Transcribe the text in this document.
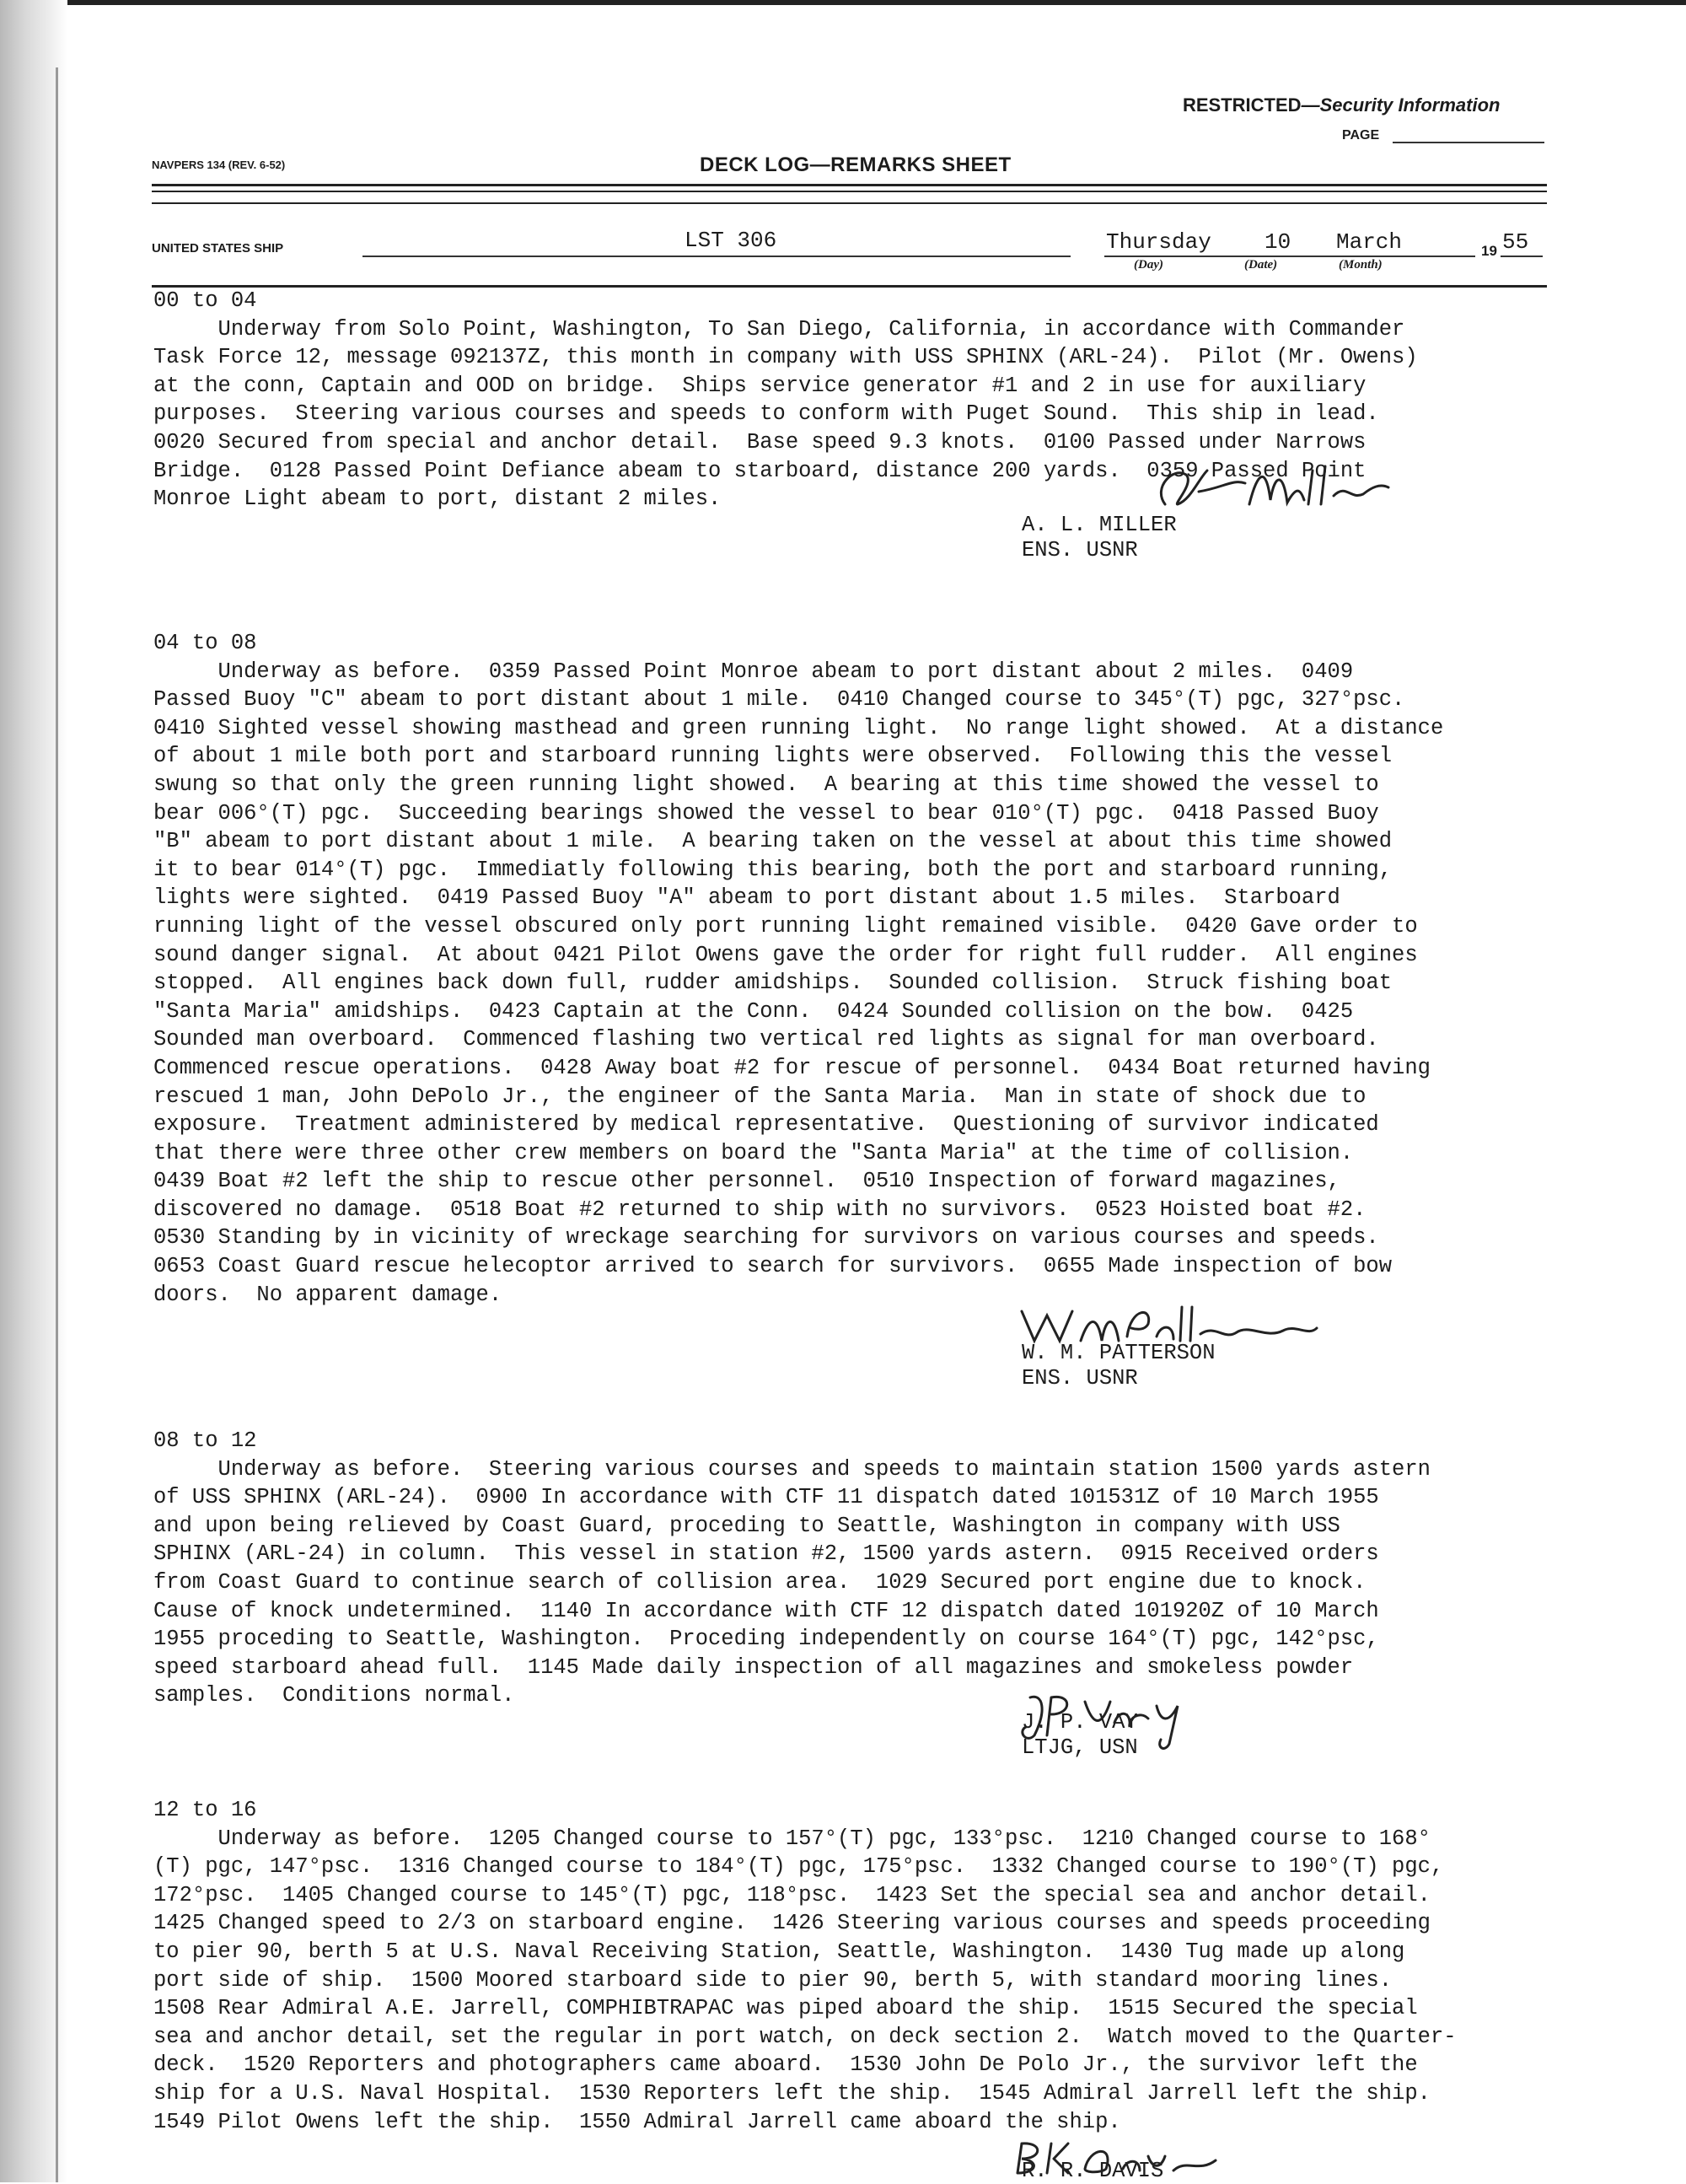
RESTRICTED—Security Information
PAGE
NAVPERS 134 (REV. 6-52)	DECK LOG—REMARKS SHEET
UNITED STATES SHIP	LST 306	Thursday 10 March	19 55
(Day)	(Date)	(Month)
00 to 04
Underway from Solo Point, Washington, To San Diego, California, in accordance with Commander
Task Force 12, message 092137Z, this month in company with USS SPHINX (ARL-24).  Pilot (Mr. Owens)
at the conn, Captain and OOD on bridge.  Ships service generator #1 and 2 in use for auxiliary
purposes.  Steering various courses and speeds to conform with Puget Sound.  This ship in lead.
0020 Secured from special and anchor detail.  Base speed 9.3 knots.  0100 Passed under Narrows
Bridge.  0128 Passed Point Defiance abeam to starboard, distance 200 yards.  0359 Passed Point
Monroe Light abeam to port, distant 2 miles.
A. L. MILLER
ENS. USNR
04 to 08
Underway as before.  0359 Passed Point Monroe abeam to port distant about 2 miles.  0409
Passed Buoy "C" abeam to port distant about 1 mile.  0410 Changed course to 345°(T) pgc, 327°psc.
0410 Sighted vessel showing masthead and green running light.  No range light showed.  At a distance
of about 1 mile both port and starboard running lights were observed.  Following this the vessel
swung so that only the green running light showed.  A bearing at this time showed the vessel to
bear 006°(T) pgc.  Succeeding bearings showed the vessel to bear 010°(T) pgc.  0418 Passed Buoy
"B" abeam to port distant about 1 mile.  A bearing taken on the vessel at about this time showed
it to bear 014°(T) pgc.  Immediatly following this bearing, both the port and starboard running,
lights were sighted.  0419 Passed Buoy "A" abeam to port distant about 1.5 miles.  Starboard
running light of the vessel obscured only port running light remained visible.  0420 Gave order to
sound danger signal.  At about 0421 Pilot Owens gave the order for right full rudder.  All engines
stopped.  All engines back down full, rudder amidships.  Sounded collision.  Struck fishing boat
"Santa Maria" amidships.  0423 Captain at the Conn.  0424 Sounded collision on the bow.  0425
Sounded man overboard.  Commenced flashing two vertical red lights as signal for man overboard.
Commenced rescue operations.  0428 Away boat #2 for rescue of personnel.  0434 Boat returned having
rescued 1 man, John DePolo Jr., the engineer of the Santa Maria.  Man in state of shock due to
exposure.  Treatment administered by medical representative.  Questioning of survivor indicated
that there were three other crew members on board the "Santa Maria" at the time of collision.
0439 Boat #2 left the ship to rescue other personnel.  0510 Inspection of forward magazines,
discovered no damage.  0518 Boat #2 returned to ship with no survivors.  0523 Hoisted boat #2.
0530 Standing by in vicinity of wreckage searching for survivors on various courses and speeds.
0653 Coast Guard rescue helecoptor arrived to search for survivors.  0655 Made inspection of bow
doors.  No apparent damage.
W. M. PATTERSON
ENS. USNR
08 to 12
Underway as before.  Steering various courses and speeds to maintain station 1500 yards astern
of USS SPHINX (ARL-24).  0900 In accordance with CTF 11 dispatch dated 101531Z of 10 March 1955
and upon being relieved by Coast Guard, proceding to Seattle, Washington in company with USS
SPHINX (ARL-24) in column.  This vessel in station #2, 1500 yards astern.  0915 Received orders
from Coast Guard to continue search of collision area.  1029 Secured port engine due to knock.
Cause of knock undetermined.  1140 In accordance with CTF 12 dispatch dated 101920Z of 10 March
1955 proceding to Seattle, Washington.  Proceding independently on course 164°(T) pgc, 142°psc,
speed starboard ahead full.  1145 Made daily inspection of all magazines and smokeless powder
samples.  Conditions normal.
J. P. VAY
LTJG, USN
12 to 16
Underway as before.  1205 Changed course to 157°(T) pgc, 133°psc.  1210 Changed course to 168°
(T) pgc, 147°psc.  1316 Changed course to 184°(T) pgc, 175°psc.  1332 Changed course to 190°(T) pgc,
172°psc.  1405 Changed course to 145°(T) pgc, 118°psc.  1423 Set the special sea and anchor detail.
1425 Changed speed to 2/3 on starboard engine.  1426 Steering various courses and speeds proceeding
to pier 90, berth 5 at U.S. Naval Receiving Station, Seattle, Washington.  1430 Tug made up along
port side of ship.  1500 Moored starboard side to pier 90, berth 5, with standard mooring lines.
1508 Rear Admiral A.E. Jarrell, COMPHIBTRAPAC was piped aboard the ship.  1515 Secured the special
sea and anchor detail, set the regular in port watch, on deck section 2.  Watch moved to the Quarter-
deck.  1520 Reporters and photographers came aboard.  1530 John De Polo Jr., the survivor left the
ship for a U.S. Naval Hospital.  1530 Reporters left the ship.  1545 Admiral Jarrell left the ship.
1549 Pilot Owens left the ship.  1550 Admiral Jarrell came aboard the ship.
R. R. DAVIS
